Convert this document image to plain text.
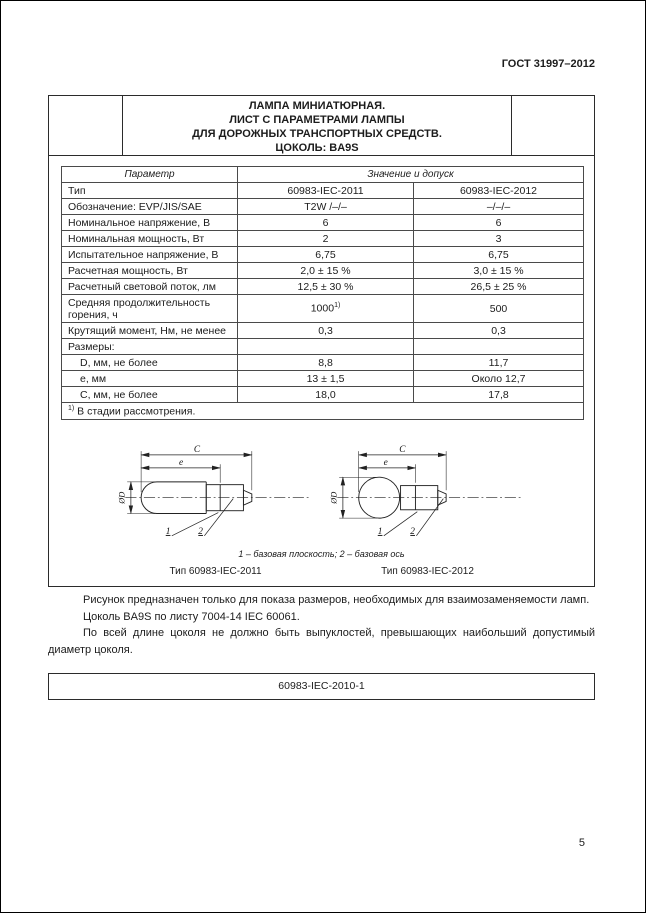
ГОСТ 31997–2012
ЛАМПА МИНИАТЮРНАЯ.
ЛИСТ С ПАРАМЕТРАМИ ЛАМПЫ
ДЛЯ ДОРОЖНЫХ ТРАНСПОРТНЫХ СРЕДСТВ.
ЦОКОЛЬ: BA9S
Параметр	Значение и допуск	
Тип	60983-IEC-2011	60983-IEC-2012
Обозначение: EVP/JIS/SAE	T2W /–/–	–/–/–
Номинальное напряжение, В	6	6
Номинальная мощность, Вт	2	3
Испытательное напряжение, В	6,75	6,75
Расчетная мощность, Вт	2,0 ± 15 %	3,0 ± 15 %
Расчетный световой поток, лм	12,5 ± 30 %	26,5 ± 25 %
Средняя продолжительность горения, ч	1000$^{1)}$	500
Крутящий момент, Нм, не менее	0,3	0,3
Размеры:		
D, мм, не более	8,8	11,7
e, мм	13 ± 1,5	Около 12,7
C, мм, не более	18,0	17,8
$^{1)}$ В стадии рассмотрения.		
C
e
ØD
1	2
C
e
ØD
1	2
1 – базовая плоскость; 2 – базовая ось
Тип 60983-IEC-2011	Тип 60983-IEC-2012

Рисунок предназначен только для показа размеров, необходимых для взаимозаменяемости ламп.

Цоколь BA9S по листу 7004-14 IEC 60061.

По всей длине цоколя не должно быть выпуклостей, превышающих наибольший допустимый диаметр цоколя.

60983-IEC-2010-1
5
